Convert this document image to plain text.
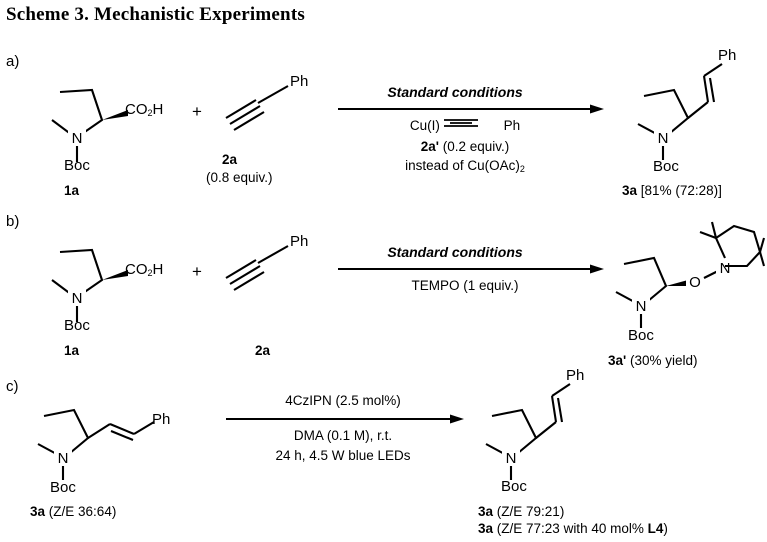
Scheme 3. Mechanistic Experiments
a)
N
$CO_2H$
Boc
1a
+
Ph
2a
(0.8 equiv.)
Standard conditions
Cu(I)	Ph
2a' (0.2 equiv.)
instead of $Cu(OAc)_2$
N
Ph
Boc
3a [81% (72:28)]
b)
N
$CO_2H$
Boc
1a
+
Ph
2a
Standard conditions
TEMPO (1 equiv.)
N
O
N
Boc
3a' (30% yield)
c)
N
Ph
Boc
3a (Z/E 36:64)
4CzIPN (2.5 mol%)
DMA (0.1 M), r.t.
24 h, 4.5 W blue LEDs	N
Ph
Boc
3a (Z/E 79:21)
3a (Z/E 77:23 with 40 mol% L4)
